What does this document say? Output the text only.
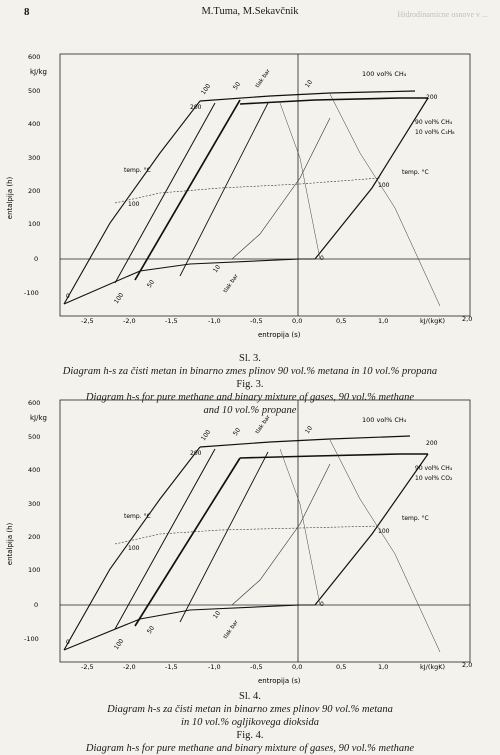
8	M.Tuma, M.Sekavčnik	Hidrodinamicne osnove v ...
600
500
400
300
200
100
0
-100
kJ/kg
entalpija (h)
-2,5	-2,0	-1,5	-1,0	-0,5	0,0	0,5	1,0	2,0
kJ/(kgK)
entropija (s)
200
200
100
100
0
0
100	50 tlak bar	10
10
tlak bar
50
100
100 vol% CH₄
90 vol% CH₄
10 vol% C₃H₈
temp. °C	temp. °C
Sl. 3.
Diagram h-s za čisti metan in binarno zmes plinov 90 vol.% metana in 10 vol.% propana
Fig. 3.
Diagram h-s for pure methane and binary mixture of gases, 90 vol.% methane
and 10 vol.% propane
600
500
400
300
200
100
0
-100
kJ/kg
entalpija (h)
-2,5	-2,0	-1,5	-1,0	-0,5	0,0	0,5	1,0	2,0
kJ/(kgK)
entropija (s)
200
200
100
100
0
0
100	50 tlak bar	10
10
tlak bar
50
100
100 vol% CH₄
90 vol% CH₄
10 vol% CO₂
temp. °C	temp. °C
Sl. 4.
Diagram h-s za čisti metan in binarno zmes plinov 90 vol.% metana
in 10 vol.% ogljikovega dioksida
Fig. 4.
Diagram h-s for pure methane and binary mixture of gases, 90 vol.% methane
